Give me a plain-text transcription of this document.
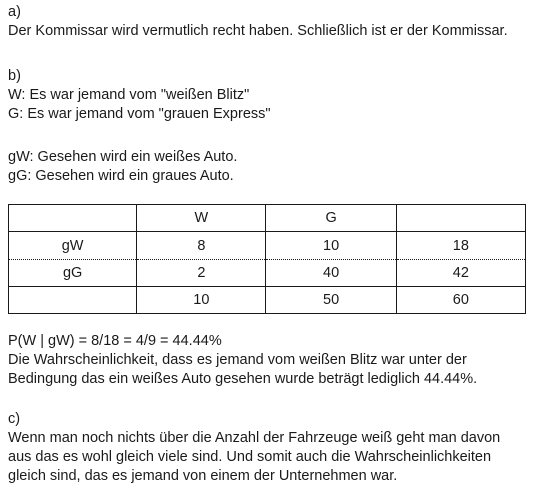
a)
Der Kommissar wird vermutlich recht haben. Schließlich ist er der Kommissar.
b)
W: Es war jemand vom "weißen Blitz"
G: Es war jemand vom "grauen Express"
gW: Gesehen wird ein weißes Auto.
gG: Gesehen wird ein graues Auto.
	W	G	
gW	8	10	18
gG	2	40	42
	10	50	60
P(W | gW) = 8/18 = 4/9 = 44.44%
Die Wahrscheinlichkeit, dass es jemand vom weißen Blitz war unter der
Bedingung das ein weißes Auto gesehen wurde beträgt lediglich 44.44%.
c)
Wenn man noch nichts über die Anzahl der Fahrzeuge weiß geht man davon
aus das es wohl gleich viele sind. Und somit auch die Wahrscheinlichkeiten
gleich sind, das es jemand von einem der Unternehmen war.
